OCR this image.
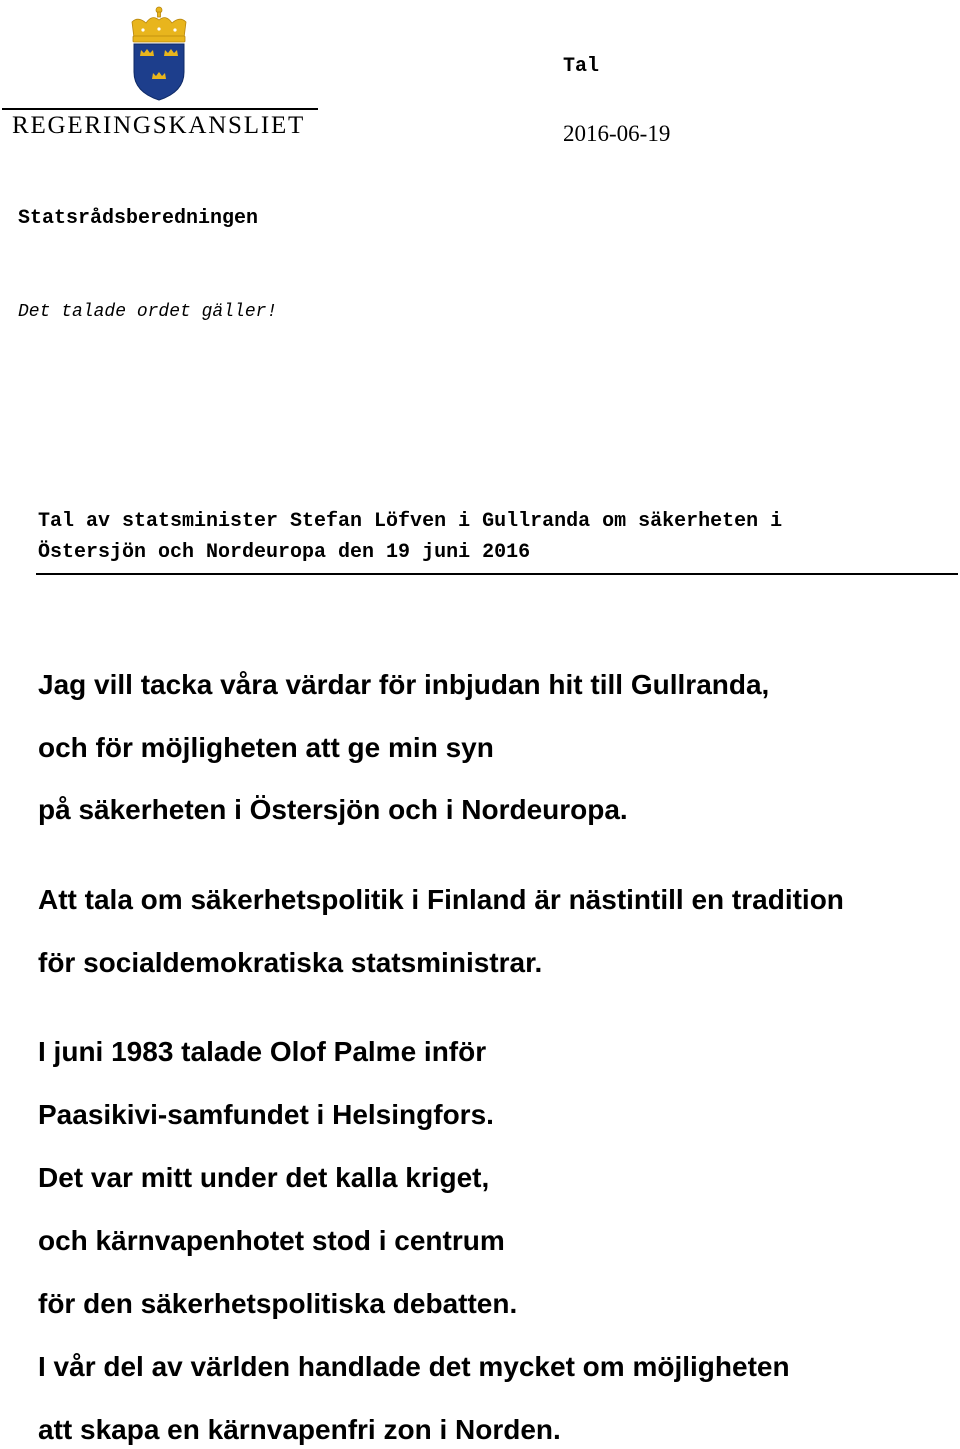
REGERINGSKANSLIET
Tal
2016-06-19
Statsrådsberedningen
Det talade ordet gäller!
Tal av statsminister Stefan Löfven i Gullranda om säkerheten i
Östersjön och Nordeuropa den 19 juni 2016
Jag vill tacka våra värdar för inbjudan hit till Gullranda,
och för möjligheten att ge min syn
på säkerheten i Östersjön och i Nordeuropa.
Att tala om säkerhetspolitik i Finland är nästintill en tradition
för socialdemokratiska statsministrar.
I juni 1983 talade Olof Palme inför
Paasikivi-samfundet i Helsingfors.
Det var mitt under det kalla kriget,
och kärnvapenhotet stod i centrum
för den säkerhetspolitiska debatten.
I vår del av världen handlade det mycket om möjligheten
att skapa en kärnvapenfri zon i Norden.
